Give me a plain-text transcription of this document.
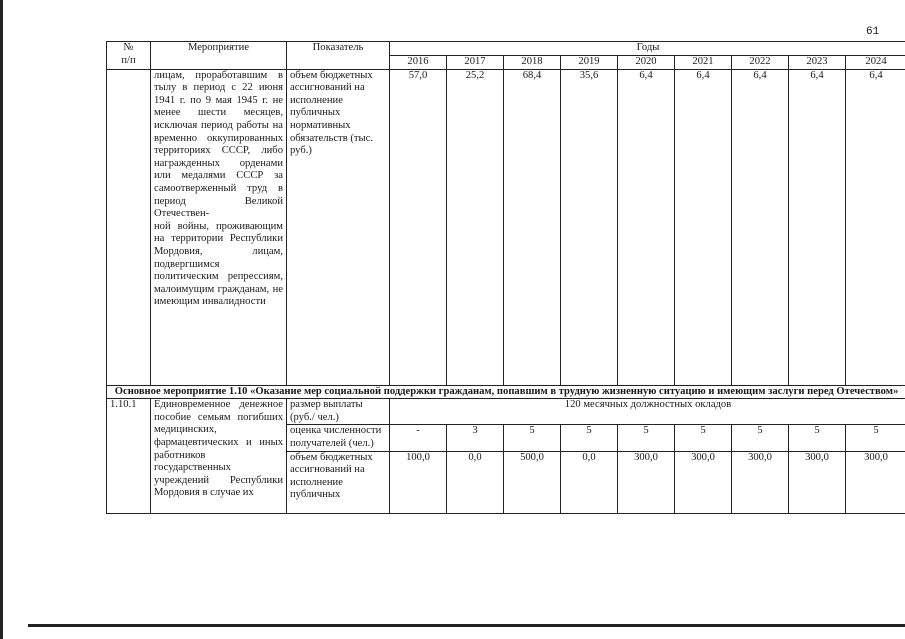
61
№
п/п	Мероприятие	Показатель	Годы								
			2016	2017	2018	2019	2020	2021	2022	2023	2024
	лицам, проработавшим в тылу в период с 22 июня 1941 г. по 9 мая 1945 г. не менее шести месяцев, исключая период работы на временно оккупированных территориях СССР, либо награжденных орденами или медалями СССР за самоотверженный труд в период Великой Отечествен-
ной войны, проживающим на территории Республики Мордовия, лицам, подвергшимся политическим репрессиям, малоимущим гражданам, не имеющим инвалидности	объем бюджетных ассигнований на исполнение публичных нормативных обязательств (тыс. руб.)	57,0	25,2	68,4	35,6	6,4	6,4	6,4	6,4	6,4
Основное мероприятие 1.10 «Оказание мер социальной поддержки гражданам, попавшим в трудную жизненную ситуацию и имеющим заслуги перед Отечеством»											
1.10.1	Единовременное денежное пособие семьям погибших медицинских, фармацевтических и иных работников государственных учреждений Республики Мордовия в случае их	размер выплаты (руб./ чел.)	120 месячных должностных окладов								
		оценка численности получателей (чел.)	-	3	5	5	5	5	5	5	5
		объем бюджетных ассигнований на исполнение публичных	100,0	0,0	500,0	0,0	300,0	300,0	300,0	300,0	300,0
